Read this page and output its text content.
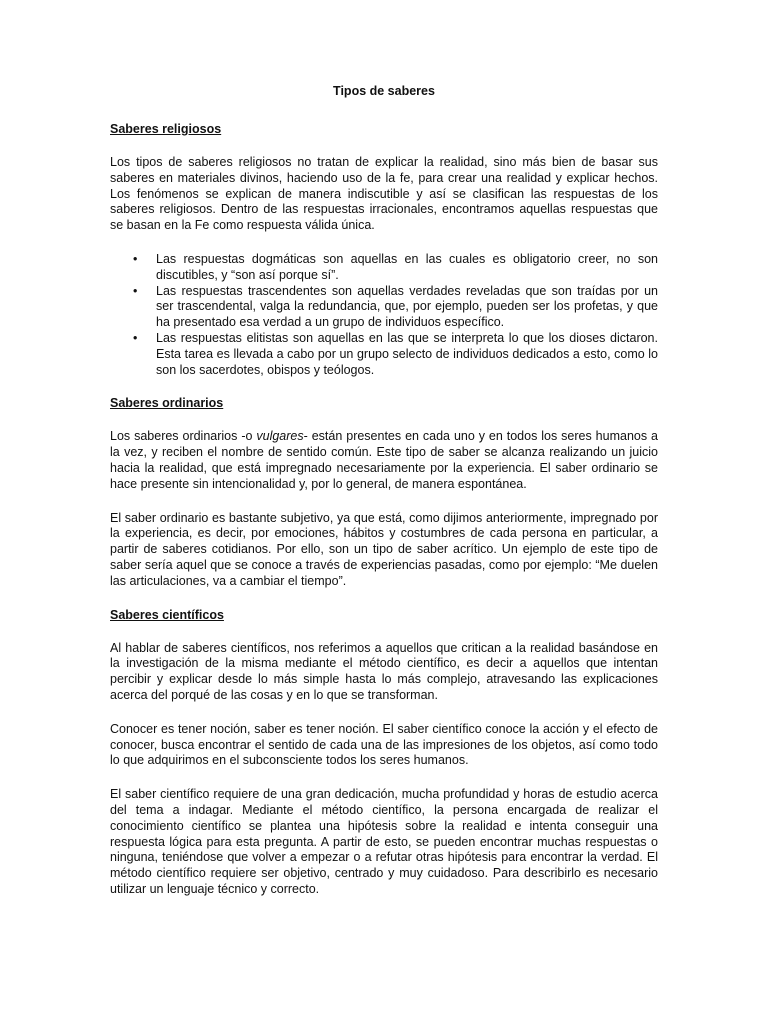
Tipos de saberes
Saberes religiosos

Los tipos de saberes religiosos no tratan de explicar la realidad, sino más bien de basar sus saberes en materiales divinos, haciendo uso de la fe, para crear una realidad y explicar hechos. Los fenómenos se explican de manera indiscutible y así se clasifican las respuestas de los saberes religiosos. Dentro de las respuestas irracionales, encontramos aquellas respuestas que se basan en la Fe como respuesta válida única.

• Las respuestas dogmáticas son aquellas en las cuales es obligatorio creer, no son discutibles, y “son así porque sí”.
• Las respuestas trascendentes son aquellas verdades reveladas que son traídas por un ser trascendental, valga la redundancia, que, por ejemplo, pueden ser los profetas, y que ha presentado esa verdad a un grupo de individuos específico.
• Las respuestas elitistas son aquellas en las que se interpreta lo que los dioses dictaron. Esta tarea es llevada a cabo por un grupo selecto de individuos dedicados a esto, como lo son los sacerdotes, obispos y teólogos.
Saberes ordinarios

Los saberes ordinarios -o vulgares- están presentes en cada uno y en todos los seres humanos a la vez, y reciben el nombre de sentido común. Este tipo de saber se alcanza realizando un juicio hacia la realidad, que está impregnado necesariamente por la experiencia. El saber ordinario se hace presente sin intencionalidad y, por lo general, de manera espontánea.

El saber ordinario es bastante subjetivo, ya que está, como dijimos anteriormente, impregnado por la experiencia, es decir, por emociones, hábitos y costumbres de cada persona en particular, a partir de saberes cotidianos. Por ello, son un tipo de saber acrítico. Un ejemplo de este tipo de saber sería aquel que se conoce a través de experiencias pasadas, como por ejemplo: “Me duelen las articulaciones, va a cambiar el tiempo”.

Saberes científicos

Al hablar de saberes científicos, nos referimos a aquellos que critican a la realidad basándose en la investigación de la misma mediante el método científico, es decir a aquellos que intentan percibir y explicar desde lo más simple hasta lo más complejo, atravesando las explicaciones acerca del porqué de las cosas y en lo que se transforman.

Conocer es tener noción, saber es tener noción. El saber científico conoce la acción y el efecto de conocer, busca encontrar el sentido de cada una de las impresiones de los objetos, así como todo lo que adquirimos en el subconsciente todos los seres humanos.

El saber científico requiere de una gran dedicación, mucha profundidad y horas de estudio acerca del tema a indagar. Mediante el método científico, la persona encargada de realizar el conocimiento científico se plantea una hipótesis sobre la realidad e intenta conseguir una respuesta lógica para esta pregunta. A partir de esto, se pueden encontrar muchas respuestas o ninguna, teniéndose que volver a empezar o a refutar otras hipótesis para encontrar la verdad. El método científico requiere ser objetivo, centrado y muy cuidadoso. Para describirlo es necesario utilizar un lenguaje técnico y correcto.
